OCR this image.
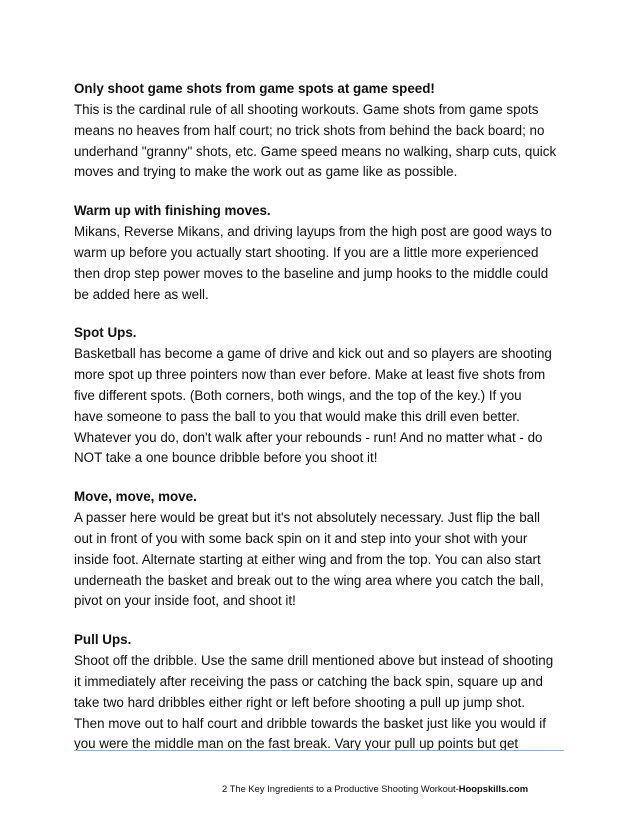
Only shoot game shots from game spots at game speed!

This is the cardinal rule of all shooting workouts. Game shots from game spots
means no heaves from half court; no trick shots from behind the back board; no
underhand "granny" shots, etc. Game speed means no walking, sharp cuts, quick
moves and trying to make the work out as game like as possible.

Warm up with finishing moves.

Mikans, Reverse Mikans, and driving layups from the high post are good ways to
warm up before you actually start shooting. If you are a little more experienced
then drop step power moves to the baseline and jump hooks to the middle could
be added here as well.

Spot Ups.

Basketball has become a game of drive and kick out and so players are shooting
more spot up three pointers now than ever before. Make at least five shots from
five different spots. (Both corners, both wings, and the top of the key.) If you
have someone to pass the ball to you that would make this drill even better.
Whatever you do, don't walk after your rebounds - run! And no matter what - do
NOT take a one bounce dribble before you shoot it!

Move, move, move.

A passer here would be great but it's not absolutely necessary. Just flip the ball
out in front of you with some back spin on it and step into your shot with your
inside foot. Alternate starting at either wing and from the top. You can also start
underneath the basket and break out to the wing area where you catch the ball,
pivot on your inside foot, and shoot it!

Pull Ups.

Shoot off the dribble. Use the same drill mentioned above but instead of shooting
it immediately after receiving the pass or catching the back spin, square up and
take two hard dribbles either right or left before shooting a pull up jump shot.
Then move out to half court and dribble towards the basket just like you would if
you were the middle man on the fast break. Vary your pull up points but get

2 The Key Ingredients to a Productive Shooting Workout-Hoopskills.com
